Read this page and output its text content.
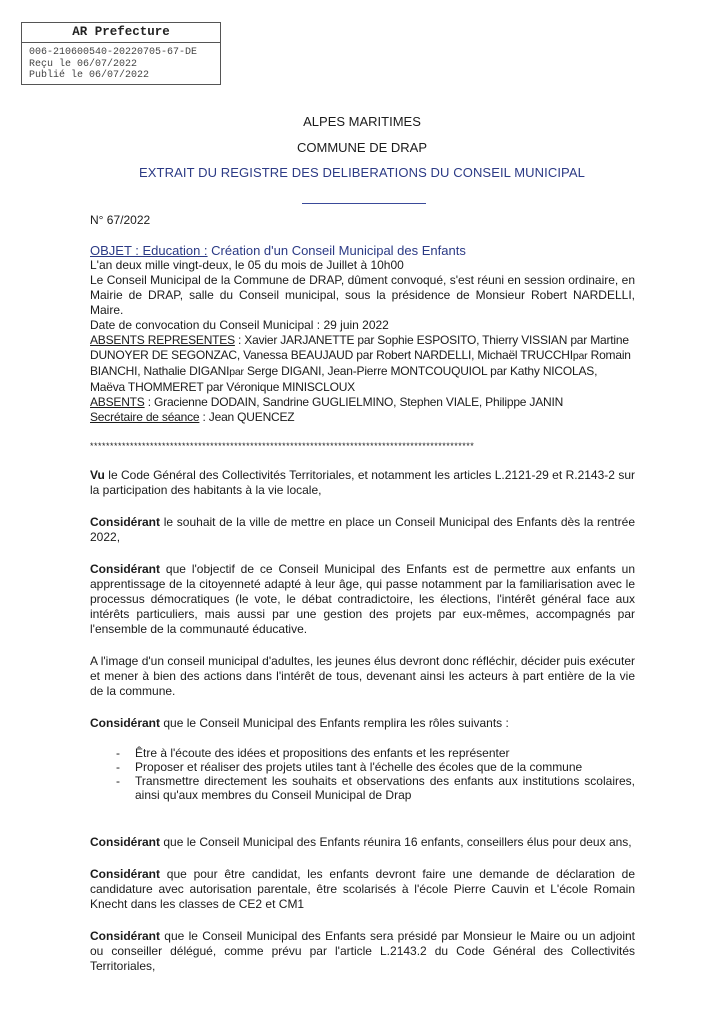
AR Prefecture
006-210600540-20220705-67-DE
Reçu le 06/07/2022
Publié le 06/07/2022
ALPES MARITIMES
COMMUNE DE DRAP
EXTRAIT DU REGISTRE DES DELIBERATIONS DU CONSEIL MUNICIPAL

N° 67/2022

OBJET : Education : Création d'un Conseil Municipal des Enfants

L'an deux mille vingt-deux, le 05 du mois de Juillet à 10h00

Le Conseil Municipal de la Commune de DRAP, dûment convoqué, s'est réuni en session ordinaire, en Mairie de DRAP, salle du Conseil municipal, sous la présidence de Monsieur Robert NARDELLI, Maire.

Date de convocation du Conseil Municipal : 29 juin 2022

ABSENTS REPRESENTES : Xavier JARJANETTE par Sophie ESPOSITO, Thierry VISSIAN par Martine DUNOYER DE SEGONZAC, Vanessa BEAUJAUD par Robert NARDELLI, Michaël TRUCCHIpar Romain BIANCHI, Nathalie DIGANIpar Serge DIGANI, Jean-Pierre MONTCOUQUIOL par Kathy NICOLAS, Maëva THOMMERET par Véronique MINISCLOUX

ABSENTS : Gracienne DODAIN, Sandrine GUGLIELMINO, Stephen VIALE, Philippe JANIN

Secrétaire de séance : Jean QUENCEZ

************************************************************************************************

Vu le Code Général des Collectivités Territoriales, et notamment les articles L.2121-29 et R.2143-2 sur la participation des habitants à la vie locale,

Considérant le souhait de la ville de mettre en place un Conseil Municipal des Enfants dès la rentrée 2022,

Considérant que l'objectif de ce Conseil Municipal des Enfants est de permettre aux enfants un apprentissage de la citoyenneté adapté à leur âge, qui passe notamment par la familiarisation avec le processus démocratiques (le vote, le débat contradictoire, les élections, l'intérêt général face aux intérêts particuliers, mais aussi par une gestion des projets par eux-mêmes, accompagnés par l'ensemble de la communauté éducative.

A l'image d'un conseil municipal d'adultes, les jeunes élus devront donc réfléchir, décider puis exécuter et mener à bien des actions dans l'intérêt de tous, devenant ainsi les acteurs à part entière de la vie de la commune.

Considérant que le Conseil Municipal des Enfants remplira les rôles suivants :

- Être à l'écoute des idées et propositions des enfants et les représenter
- Proposer et réaliser des projets utiles tant à l'échelle des écoles que de la commune
- Transmettre directement les souhaits et observations des enfants aux institutions scolaires, ainsi qu'aux membres du Conseil Municipal de Drap

Considérant que le Conseil Municipal des Enfants réunira 16 enfants, conseillers élus pour deux ans,

Considérant que pour être candidat, les enfants devront faire une demande de déclaration de candidature avec autorisation parentale, être scolarisés à l'école Pierre Cauvin et L'école Romain Knecht dans les classes de CE2 et CM1

Considérant que le Conseil Municipal des Enfants sera présidé par Monsieur le Maire ou un adjoint ou conseiller délégué, comme prévu par l'article L.2143.2 du Code Général des Collectivités Territoriales,
